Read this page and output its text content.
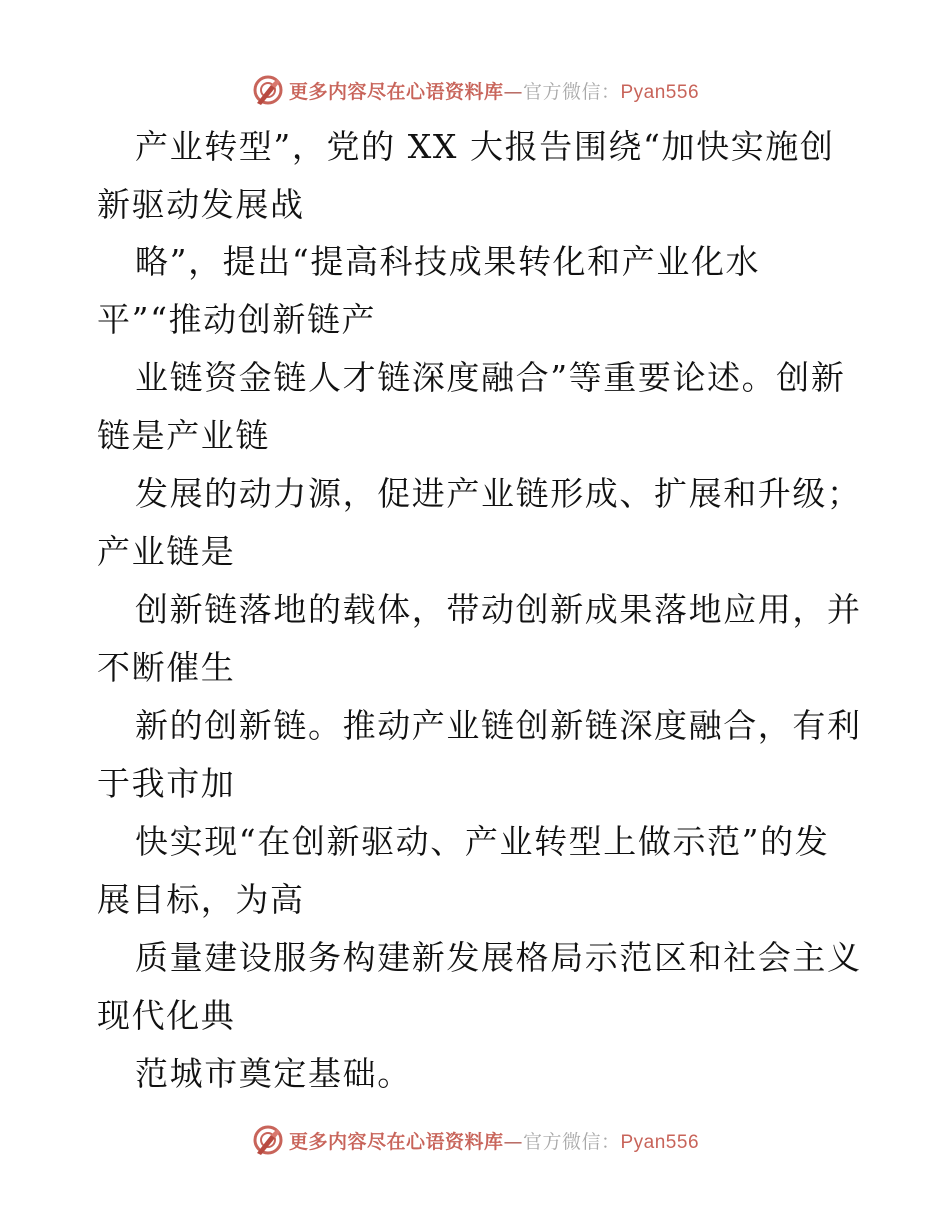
更多内容尽在心语资料库—官方微信：Pyan556
产业转型”，党的 XX 大报告围绕“加快实施创
新驱动发展战
略”，提出“提高科技成果转化和产业化水
平”“推动创新链产
业链资金链人才链深度融合”等重要论述。创新
链是产业链
发展的动力源，促进产业链形成、扩展和升级；
产业链是
创新链落地的载体，带动创新成果落地应用，并
不断催生
新的创新链。推动产业链创新链深度融合，有利
于我市加
快实现“在创新驱动、产业转型上做示范”的发
展目标，为高
质量建设服务构建新发展格局示范区和社会主义
现代化典
范城市奠定基础。
更多内容尽在心语资料库—官方微信：Pyan556
